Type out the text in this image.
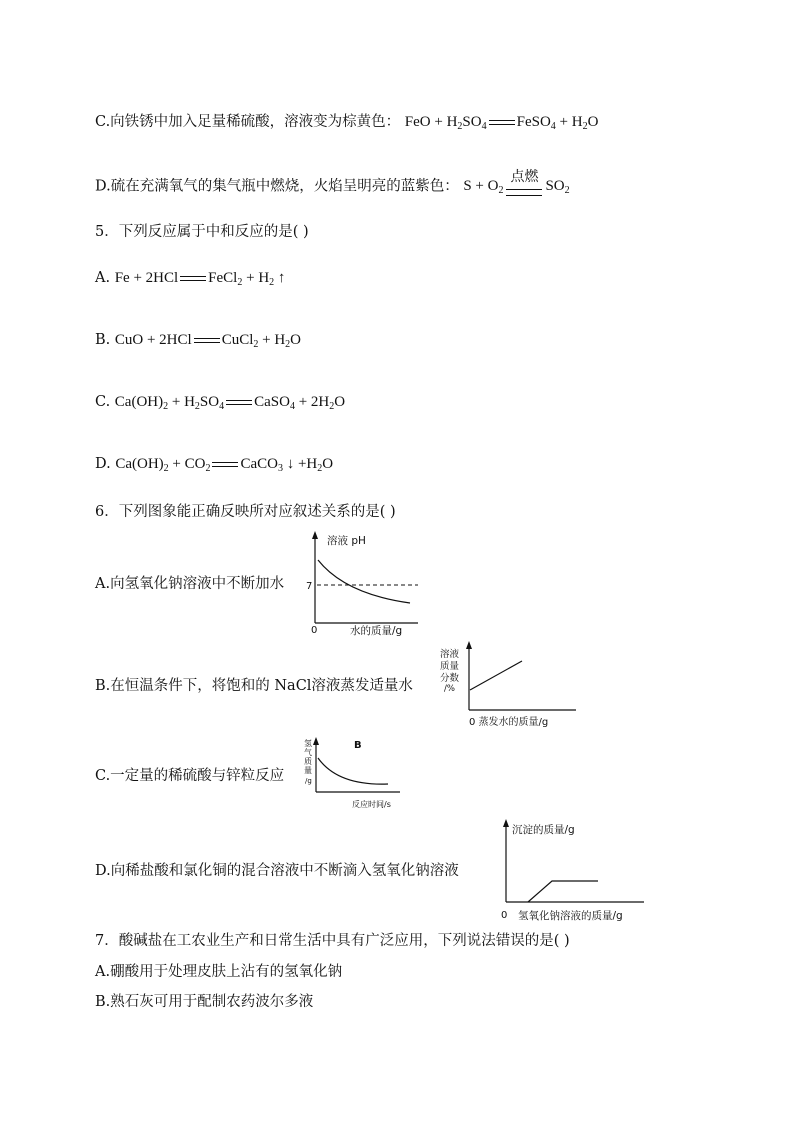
C.向铁锈中加入足量稀硫酸，溶液变为棕黄色： FeO + $H_2SO_4$ FeSO$_4$ + $H_2O$
D.硫在充满氧气的集气瓶中燃烧，火焰呈明亮的蓝紫色： $S + O_2$
点燃
$SO_2$
5．下列反应属于中和反应的是( )
A. Fe + 2HCl FeCl$_2$ + $H_2$ ↑
B. CuO + 2HCl CuCl$_2$ + $H_2O$
C. $Ca(OH)_2 + H_2SO_4$ CaSO$_4$ + $2H_2O$
D. $Ca(OH)_2 + CO_2$ CaCO$_3$ ↓ $+H_2O$
6．下列图象能正确反映所对应叙述关系的是( )
A.向氢氧化钠溶液中不断加水
溶液 pH
7
0	水的质量/g
B.在恒温条件下，将饱和的 NaCl溶液蒸发适量水
溶液
质量
分数
/%
0 蒸发水的质量/g
C.一定量的稀硫酸与锌粒反应
氢
气
质
量
/g
B
反应时间/s
D.向稀盐酸和氯化铜的混合溶液中不断滴入氢氧化钠溶液
沉淀的质量/g
0 氢氧化钠溶液的质量/g
7．酸碱盐在工农业生产和日常生活中具有广泛应用，下列说法错误的是( )
A.硼酸用于处理皮肤上沾有的氢氧化钠
B.熟石灰可用于配制农药波尔多液
